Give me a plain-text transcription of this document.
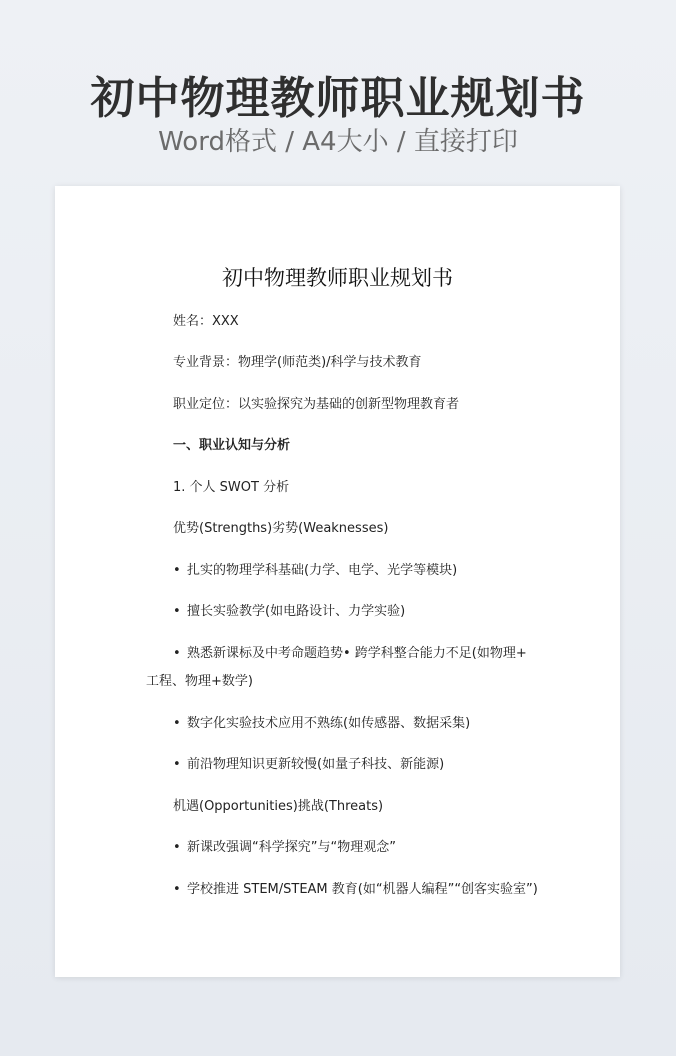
初中物理教师职业规划书
Word格式 / A4大小 / 直接打印
初中物理教师职业规划书
姓名：XXX
专业背景：物理学(师范类)/科学与技术教育
职业定位：以实验探究为基础的创新型物理教育者
一、职业认知与分析
1. 个人 SWOT 分析
优势(Strengths)劣势(Weaknesses)
• 扎实的物理学科基础(力学、电学、光学等模块)
• 擅长实验教学(如电路设计、力学实验)
• 熟悉新课标及中考命题趋势• 跨学科整合能力不足(如物理+
工程、物理+数学)
• 数字化实验技术应用不熟练(如传感器、数据采集)
• 前沿物理知识更新较慢(如量子科技、新能源)
机遇(Opportunities)挑战(Threats)
• 新课改强调“科学探究”与“物理观念”
• 学校推进 STEM/STEAM 教育(如“机器人编程”“创客实验室”)
